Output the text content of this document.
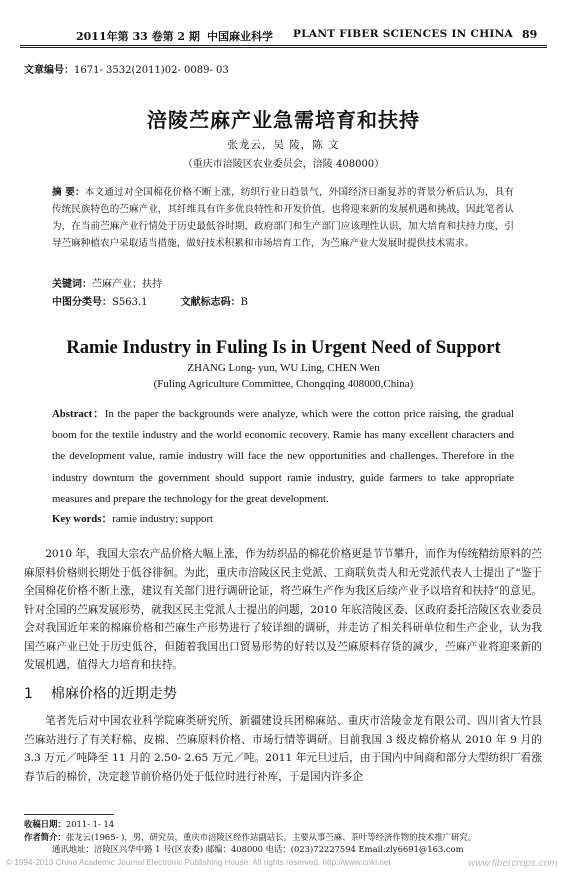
2011年第 33 卷第 2 期 中国麻业科学 PLANT FIBER SCIENCES IN CHINA 89
文章编号：1671- 3532(2011)02- 0089- 03
涪陵苎麻产业急需培育和扶持
张龙云，吴 陵，陈 文
（重庆市涪陵区农业委员会，涪陵 408000）
摘 要：本文通过对全国棉花价格不断上涨，纺织行业日趋景气，外国经济日渐复苏的背景分析后认为，具有传统民族特色的苎麻产业，其纤维具有许多优良特性和开发价值，也将迎来新的发展机遇和挑战。因此笔者认为，在当前苎麻产业行情处于历史最低谷时期，政府部门和生产部门应该理性认识，加大培育和扶持力度，引导苎麻种植农户采取适当措施，做好技术积累和市场培育工作，为苎麻产业大发展时提供技术需求。
关键词：苎麻产业；扶持
中图分类号：S563.1	文献标志码：B
Ramie Industry in Fuling Is in Urgent Need of Support
ZHANG Long- yun, WU Ling, CHEN Wen
(Fuling Agriculture Committee, Chongqing 408000,China)
Abstract：In the paper the backgrounds were analyze, which were the cotton price raising, the gradual boom for the textile industry and the world economic recovery. Ramie has many excellent characters and the development value, ramie industry will face the new opportunities and challenges. Therefore in the industry downturn the government should support ramie industry, guide farmers to take appropriate measures and prepare the technology for the great development.
Key words：ramie industry; support
2010 年，我国大宗农产品价格大幅上涨，作为纺织品的棉花价格更是节节攀升，而作为传统精纺原料的苎麻原料价格则长期处于低谷徘徊。为此，重庆市涪陵区民主党派、工商联负责人和无党派代表人士提出了“鉴于全国棉花价格不断上涨，建议有关部门进行调研论证，将苎麻生产作为我区后续产业予以培育和扶持”的意见。针对全国的苎麻发展形势，就我区民主党派人士提出的问题，2010 年底涪陵区委、区政府委托涪陵区农业委员会对我国近年来的棉麻价格和苎麻生产形势进行了较详细的调研，并走访了相关科研单位和生产企业，认为我国苎麻产业已处于历史低谷，但随着我国出口贸易形势的好转以及苎麻原料存货的减少，苎麻产业将迎来新的发展机遇，值得大力培育和扶持。
1 棉麻价格的近期走势
笔者先后对中国农业科学院麻类研究所、新疆建设兵团棉麻站、重庆市涪陵金龙有限公司、四川省大竹县苎麻站进行了有关籽棉、皮棉、苎麻原料价格、市场行情等调研。目前我国 3 级皮棉价格从 2010 年 9 月的 3.3 万元／吨降至 11 月的 2.50- 2.65 万元／吨。2011 年元旦过后，由于国内中间商和部分大型纺织厂看涨春节后的棉价，决定趁节前价格仍处于低位时进行补库，于是国内许多企
收稿日期：2011- 1- 14
作者简介：张龙云(1965- )，男，研究员，重庆市涪陵区经作站副站长。主要从事苎麻、茶叶等经济作物的技术推广研究。
通讯地址：涪陵区兴华中路 1 号(区农委) 邮编：408000 电话：(023)72227594 Email:zly6691@163.com
© 1994-2013 China Academic Journal Electronic Publishing House. All rights reserved. http://www.cnki.net	www.fibercrops.com
